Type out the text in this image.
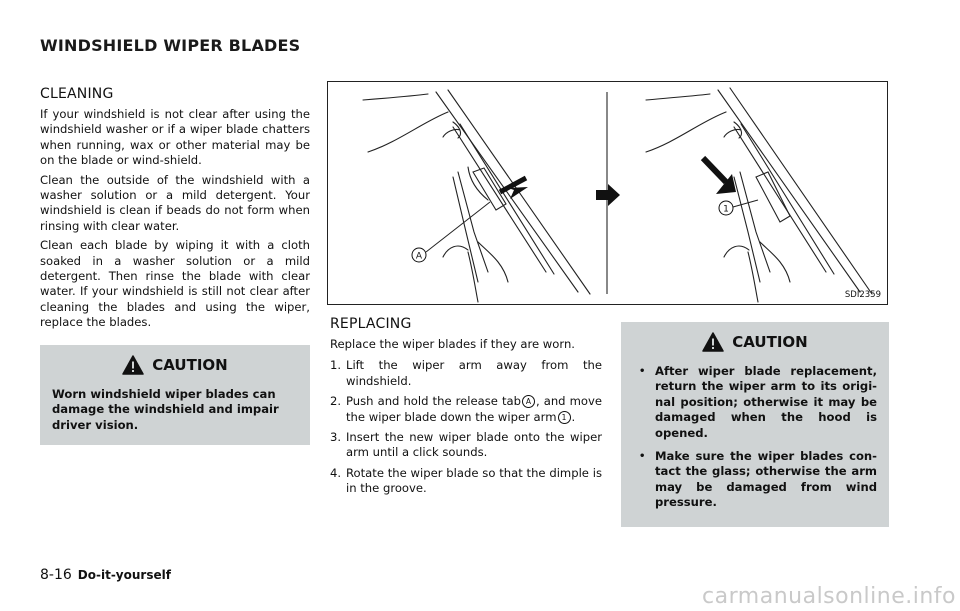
WINDSHIELD WIPER BLADES
CLEANING

If your windshield is not clear after using the windshield washer or if a wiper blade chatters when running, wax or other material may be on the blade or wind-shield.

Clean the outside of the windshield with a washer solution or a mild detergent. Your windshield is clean if beads do not form when rinsing with clear water.

Clean each blade by wiping it with a cloth soaked in a washer solution or a mild detergent. Then rinse the blade with clear water. If your windshield is still not clear after cleaning the blades and using the wiper, replace the blades.

CAUTION
Worn windshield wiper blades can damage the windshield and impair driver vision.
A
1
SDI2359
REPLACING

Replace the wiper blades if they are worn.

1. Lift the wiper arm away from the windshield.
2. Push and hold the release tab A , and move the wiper blade down the wiper arm 1 .
3. Insert the new wiper blade onto the wiper arm until a click sounds.
4. Rotate the wiper blade so that the dimple is in the groove.
CAUTION
• After wiper blade replacement, return the wiper arm to its origi-nal position; otherwise it may be damaged when the hood is opened.
• Make sure the wiper blades con-tact the glass; otherwise the arm may be damaged from wind pressure.
8-16 Do-it-yourself
carmanualsonline.info
